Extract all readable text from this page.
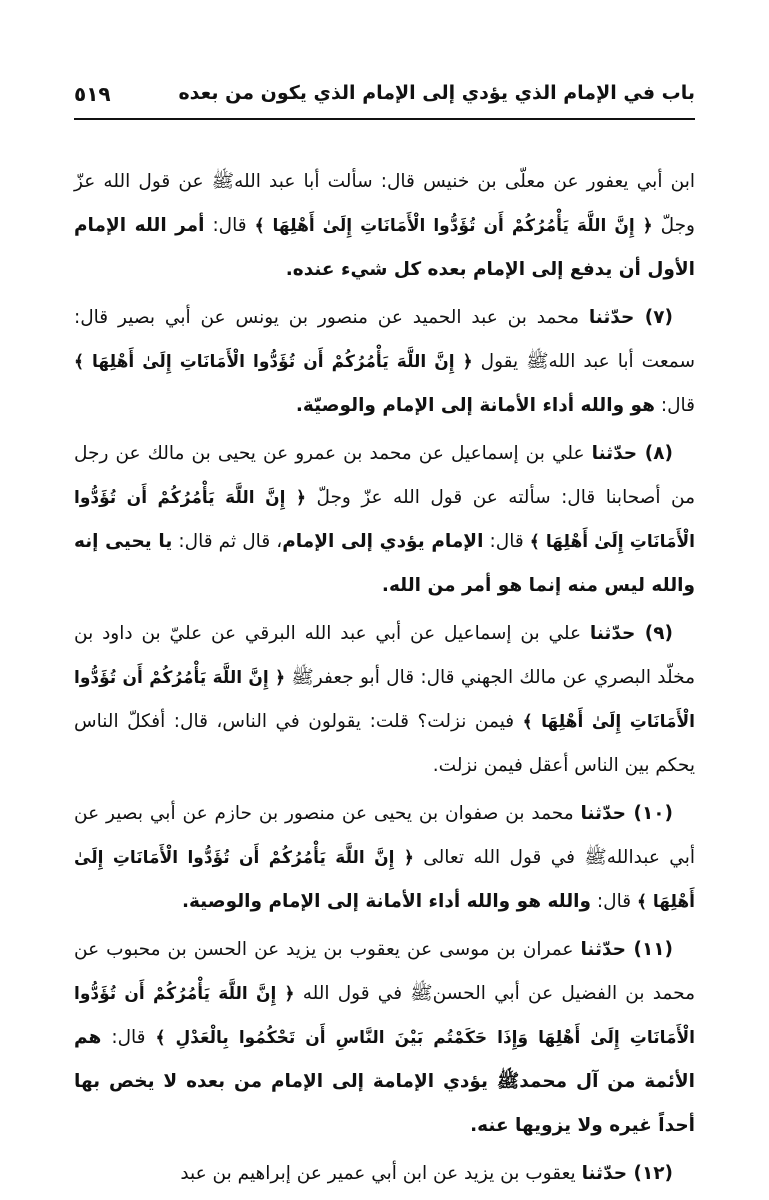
باب في الإمام الذي يؤدي إلى الإمام الذي يكون من بعده
٥١٩

ابن أبي يعفور عن معلّى بن خنيس قال: سألت أبا عبد اللهﷺ عن قول الله عزّ وجلّ ﴿ إِنَّ اللَّهَ يَأْمُرُكُمْ أَن تُؤَدُّوا الْأَمَانَاتِ إِلَىٰ أَهْلِهَا ﴾ قال: أمر الله الإمام الأول أن يدفع إلى الإمام بعده كل شيء عنده.

(٧) حدّثنا محمد بن عبد الحميد عن منصور بن يونس عن أبي بصير قال: سمعت أبا عبد اللهﷺ يقول ﴿ إِنَّ اللَّهَ يَأْمُرُكُمْ أَن تُؤَدُّوا الْأَمَانَاتِ إِلَىٰ أَهْلِهَا ﴾ قال: هو والله أداء الأمانة إلى الإمام والوصيّة.

(٨) حدّثنا علي بن إسماعيل عن محمد بن عمرو عن يحيى بن مالك عن رجل من أصحابنا قال: سألته عن قول الله عزّ وجلّ ﴿ إِنَّ اللَّهَ يَأْمُرُكُمْ أَن تُؤَدُّوا الْأَمَانَاتِ إِلَىٰ أَهْلِهَا ﴾ قال: الإمام يؤدي إلى الإمام، قال ثم قال: يا يحيى إنه والله ليس منه إنما هو أمر من الله.

(٩) حدّثنا علي بن إسماعيل عن أبي عبد الله البرقي عن عليّ بن داود بن مخلّد البصري عن مالك الجهني قال: قال أبو جعفرﷺ ﴿ إِنَّ اللَّهَ يَأْمُرُكُمْ أَن تُؤَدُّوا الْأَمَانَاتِ إِلَىٰ أَهْلِهَا ﴾ فيمن نزلت؟ قلت: يقولون في الناس، قال: أفكلّ الناس يحكم بين الناس أعقل فيمن نزلت.

(١٠) حدّثنا محمد بن صفوان بن يحيى عن منصور بن حازم عن أبي بصير عن أبي عبداللهﷺ في قول الله تعالى ﴿ إِنَّ اللَّهَ يَأْمُرُكُمْ أَن تُؤَدُّوا الْأَمَانَاتِ إِلَىٰ أَهْلِهَا ﴾ قال: والله هو والله أداء الأمانة إلى الإمام والوصية.

(١١) حدّثنا عمران بن موسى عن يعقوب بن يزيد عن الحسن بن محبوب عن محمد بن الفضيل عن أبي الحسنﷺ في قول الله ﴿ إِنَّ اللَّهَ يَأْمُرُكُمْ أَن تُؤَدُّوا الْأَمَانَاتِ إِلَىٰ أَهْلِهَا وَإِذَا حَكَمْتُم بَيْنَ النَّاسِ أَن تَحْكُمُوا بِالْعَدْلِ ﴾ قال: هم الأئمة من آل محمدﷺ يؤدي الإمامة إلى الإمام من بعده لا يخص بها أحداً غيره ولا يزويها عنه.

(١٢) حدّثنا يعقوب بن يزيد عن ابن أبي عمير عن إبراهيم بن عبد
